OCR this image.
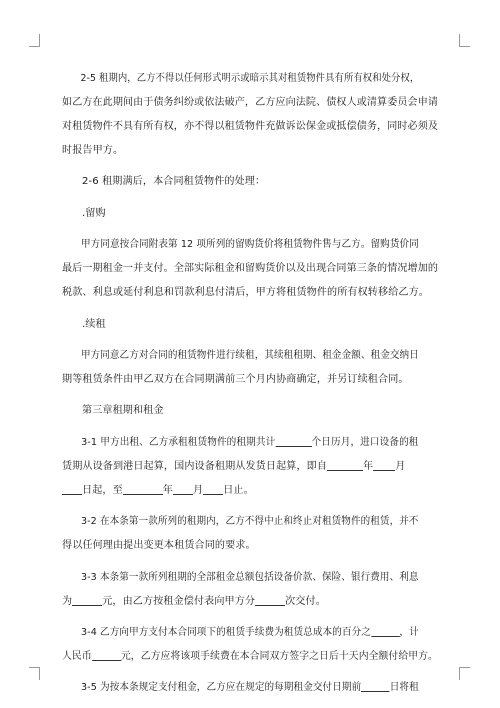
2-5 租期内，乙方不得以任何形式明示或暗示其对租赁物件具有所有权和处分权，
如乙方在此期间由于债务纠纷或依法破产，乙方应向法院、债权人或清算委员会申请
对租赁物件不具有所有权，亦不得以租赁物件充做诉讼保金或抵偿债务，同时必须及
时报告甲方。
2-6 租期满后，本合同租赁物件的处理：
.留购
甲方同意按合同附表第 12 项所列的留购货价将租赁物件售与乙方。留购货价同
最后一期租金一并支付。全部实际租金和留购货价以及出现合同第三条的情况增加的
税款、利息或延付利息和罚款利息付清后，甲方将租赁物件的所有权转移给乙方。
.续租
甲方同意乙方对合同的租赁物件进行续租，其续租租期、租金金额、租金交纳日
期等租赁条件由甲乙双方在合同期满前三个月内协商确定，并另订续租合同。
第三章租期和租金
3-1 甲方出租、乙方承租租赁物件的租期共计	个日历月，进口设备的租
赁期从设备到港日起算，国内设备租期从发货日起算，即自	年 月
日起，至	年 月 日止。
3-2 在本条第一款所列的租期内，乙方不得中止和终止对租赁物件的租赁，并不
得以任何理由提出变更本租赁合同的要求。
3-3 本条第一款所列租期的全部租金总额包括设备价款、保险、银行费用、利息
为	元，由乙方按租金偿付表向甲方分	次交付。
3-4 乙方向甲方支付本合同项下的租赁手续费为租赁总成本的百分之	，计
人民币	元，乙方应将该项手续费在本合同双方签字之日后十天内全额付给甲方。
3-5 为按本条规定支付租金，乙方应在规定的每期租金交付日期前	日将租
